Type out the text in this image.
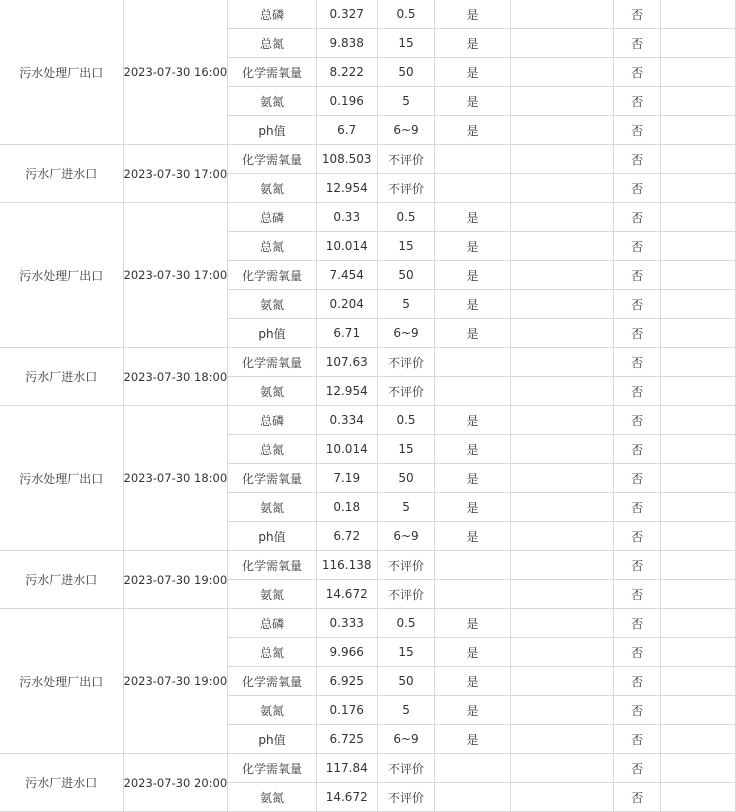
污水处理厂出口	2023-07-30 16:00	总磷	0.327	0.5	是		否	
		总氮	9.838	15	是		否	
		化学需氧量	8.222	50	是		否	
		氨氮	0.196	5	是		否	
		ph值	6.7	6~9	是		否	
污水厂进水口	2023-07-30 17:00	化学需氧量	108.503	不评价			否	
		氨氮	12.954	不评价			否	
污水处理厂出口	2023-07-30 17:00	总磷	0.33	0.5	是		否	
		总氮	10.014	15	是		否	
		化学需氧量	7.454	50	是		否	
		氨氮	0.204	5	是		否	
		ph值	6.71	6~9	是		否	
污水厂进水口	2023-07-30 18:00	化学需氧量	107.63	不评价			否	
		氨氮	12.954	不评价			否	
污水处理厂出口	2023-07-30 18:00	总磷	0.334	0.5	是		否	
		总氮	10.014	15	是		否	
		化学需氧量	7.19	50	是		否	
		氨氮	0.18	5	是		否	
		ph值	6.72	6~9	是		否	
污水厂进水口	2023-07-30 19:00	化学需氧量	116.138	不评价			否	
		氨氮	14.672	不评价			否	
污水处理厂出口	2023-07-30 19:00	总磷	0.333	0.5	是		否	
		总氮	9.966	15	是		否	
		化学需氧量	6.925	50	是		否	
		氨氮	0.176	5	是		否	
		ph值	6.725	6~9	是		否	
污水厂进水口	2023-07-30 20:00	化学需氧量	117.84	不评价			否	
		氨氮	14.672	不评价			否	
